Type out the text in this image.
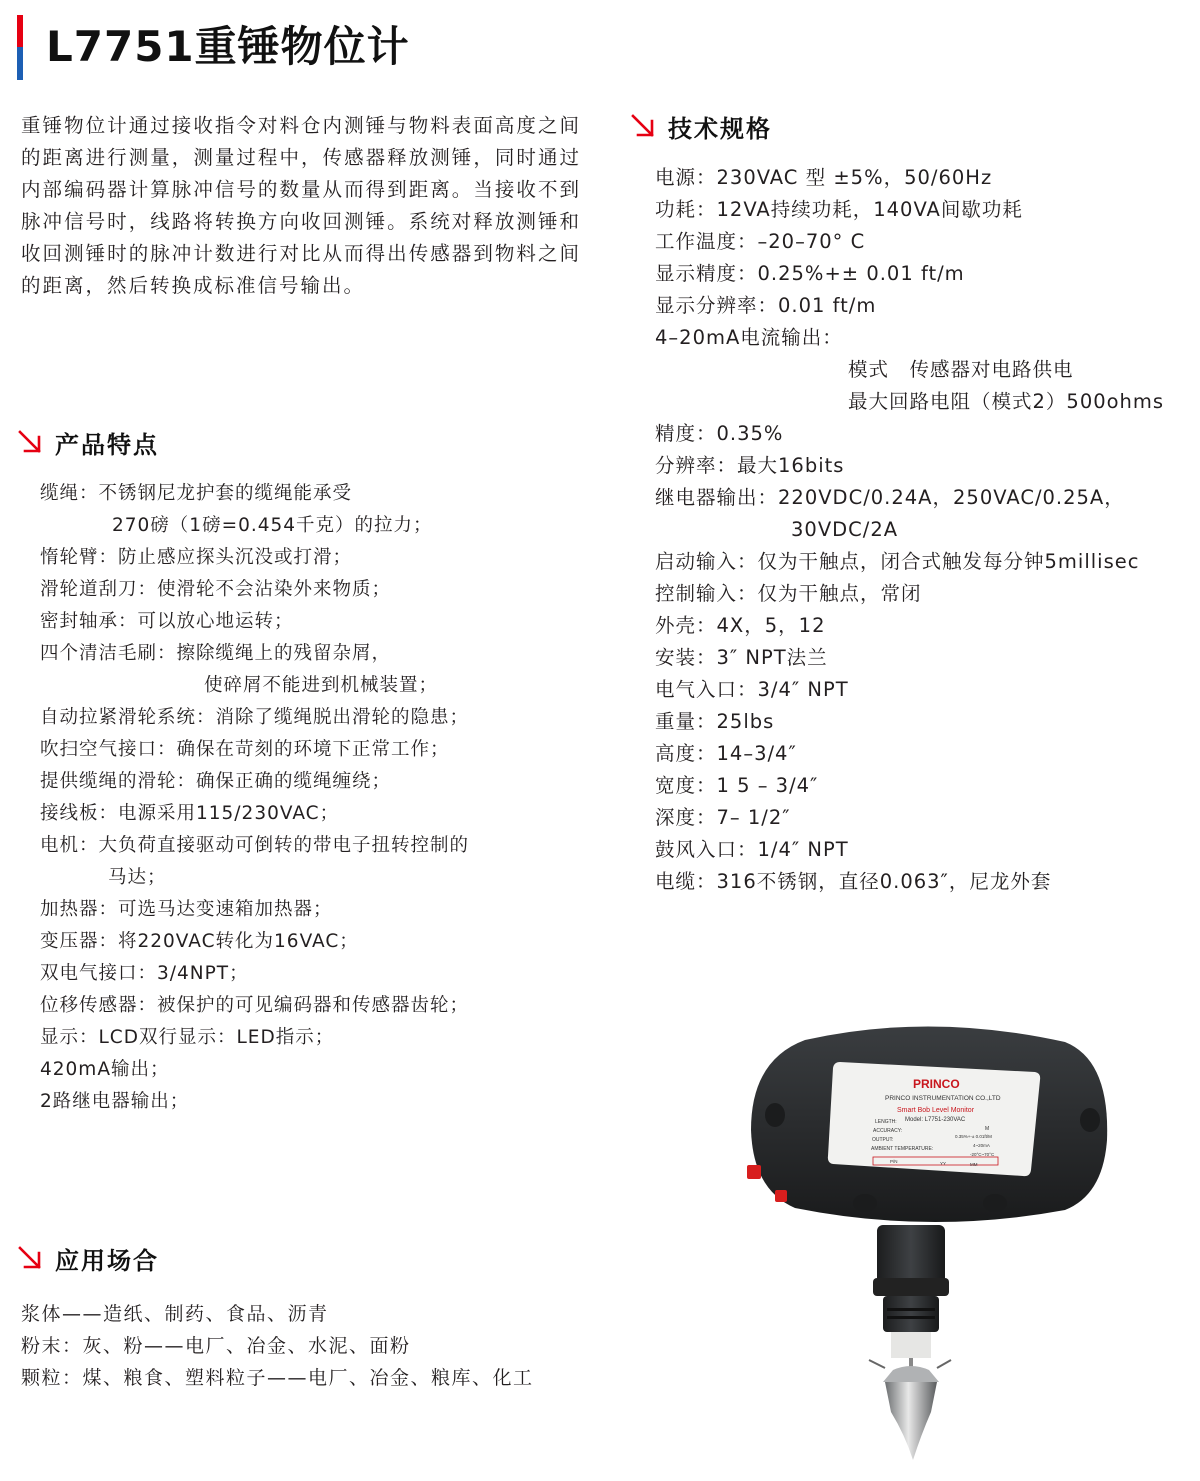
L7751重锤物位计
重锤物位计通过接收指令对料仓内测锤与物料表面高度之间的距离进行测量，测量过程中，传感器释放测锤，同时通过内部编码器计算脉冲信号的数量从而得到距离。当接收不到脉冲信号时，线路将转换方向收回测锤。系统对释放测锤和收回测锤时的脉冲计数进行对比从而得出传感器到物料之间的距离，然后转换成标准信号输出。
产品特点
缆绳：不锈钢尼龙护套的缆绳能承受
270磅（1磅=0.454千克）的拉力；
惰轮臂：防止感应探头沉没或打滑；
滑轮道刮刀：使滑轮不会沾染外来物质；
密封轴承：可以放心地运转；
四个清洁毛刷：擦除缆绳上的残留杂屑，
使碎屑不能进到机械装置；
自动拉紧滑轮系统：消除了缆绳脱出滑轮的隐患；
吹扫空气接口：确保在苛刻的环境下正常工作；
提供缆绳的滑轮：确保正确的缆绳缠绕；
接线板：电源采用115/230VAC；
电机：大负荷直接驱动可倒转的带电子扭转控制的
马达；
加热器：可选马达变速箱加热器；
变压器：将220VAC转化为16VAC；
双电气接口：3/4NPT；
位移传感器：被保护的可见编码器和传感器齿轮；
显示：LCD双行显示：LED指示；
420mA输出；
2路继电器输出；
应用场合
浆体——造纸、制药、食品、沥青
粉末：灰、粉——电厂、冶金、水泥、面粉
颗粒：煤、粮食、塑料粒子——电厂、冶金、粮库、化工
技术规格
电源：230VAC 型 ±5%，50/60Hz
功耗：12VA持续功耗，140VA间歇功耗
工作温度：–20–70° C
显示精度：0.25%+± 0.01 ft/m
显示分辨率：0.01 ft/m
4–20mA电流输出：
模式　传感器对电路供电
最大回路电阻（模式2）500ohms
精度：0.35%
分辨率：最大16bits
继电器输出：220VDC/0.24A，250VAC/0.25A，
30VDC/2A
启动输入：仅为干触点，闭合式触发每分钟5millisec
控制输入：仅为干触点，常闭
外壳：4X，5，12
安装：3″ NPT法兰
电气入口：3/4″ NPT
重量：25lbs
高度：14–3/4″
宽度：1 5 – 3/4″
深度：7– 1/2″
鼓风入口：1/4″ NPT
电缆：316不锈钢，直径0.063″，尼龙外套
PRINCO
PRINCO INSTRUMENTATION CO.,LTD
Smart Bob Level Monitor
Model: L7751-230VAC
LENGTH:
M
ACCURACY:
0.35%+-± 0.01ft/M
OUTPUT:
4~20mA
AMBIENT TEMPERATURE:
-20°C~70°C
P/N	YY	MM
